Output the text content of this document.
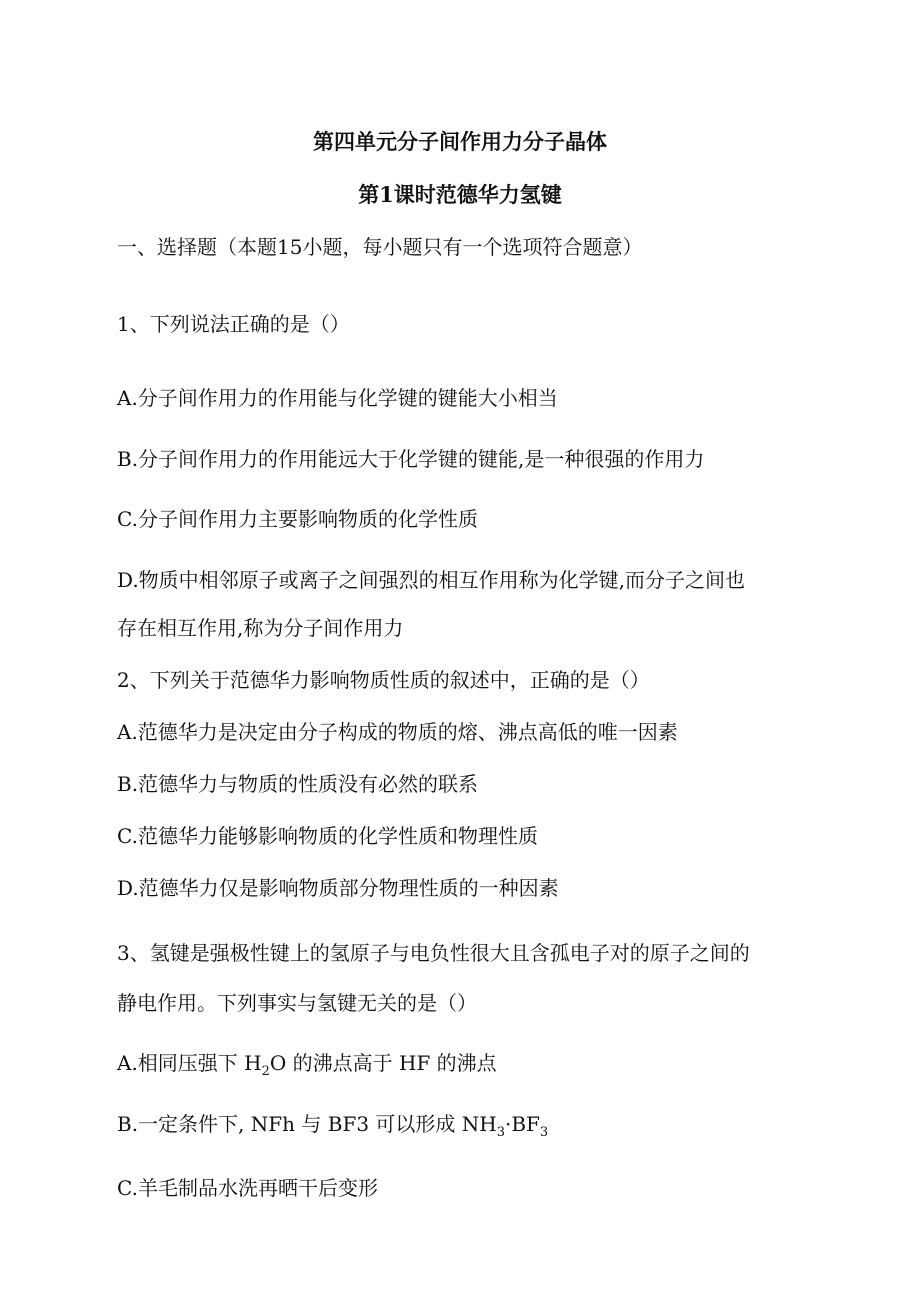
第四单元分子间作用力分子晶体
第1课时范德华力氢键
一、选择题（本题15小题，每小题只有一个选项符合题意）
1、下列说法正确的是（）
A.分子间作用力的作用能与化学键的键能大小相当
B.分子间作用力的作用能远大于化学键的键能,是一种很强的作用力
C.分子间作用力主要影响物质的化学性质
D.物质中相邻原子或离子之间强烈的相互作用称为化学键,而分子之间也
存在相互作用,称为分子间作用力
2、下列关于范德华力影响物质性质的叙述中，正确的是（）
A.范德华力是决定由分子构成的物质的熔、沸点高低的唯一因素
B.范德华力与物质的性质没有必然的联系
C.范德华力能够影响物质的化学性质和物理性质
D.范德华力仅是影响物质部分物理性质的一种因素
3、氢键是强极性键上的氢原子与电负性很大且含孤电子对的原子之间的
静电作用。下列事实与氢键无关的是（）
A.相同压强下 $H_2O$ 的沸点高于 HF 的沸点
B.一定条件下, NFh 与 BF3 可以形成 $NH_3\cdot BF_3$
C.羊毛制品水洗再晒干后变形
